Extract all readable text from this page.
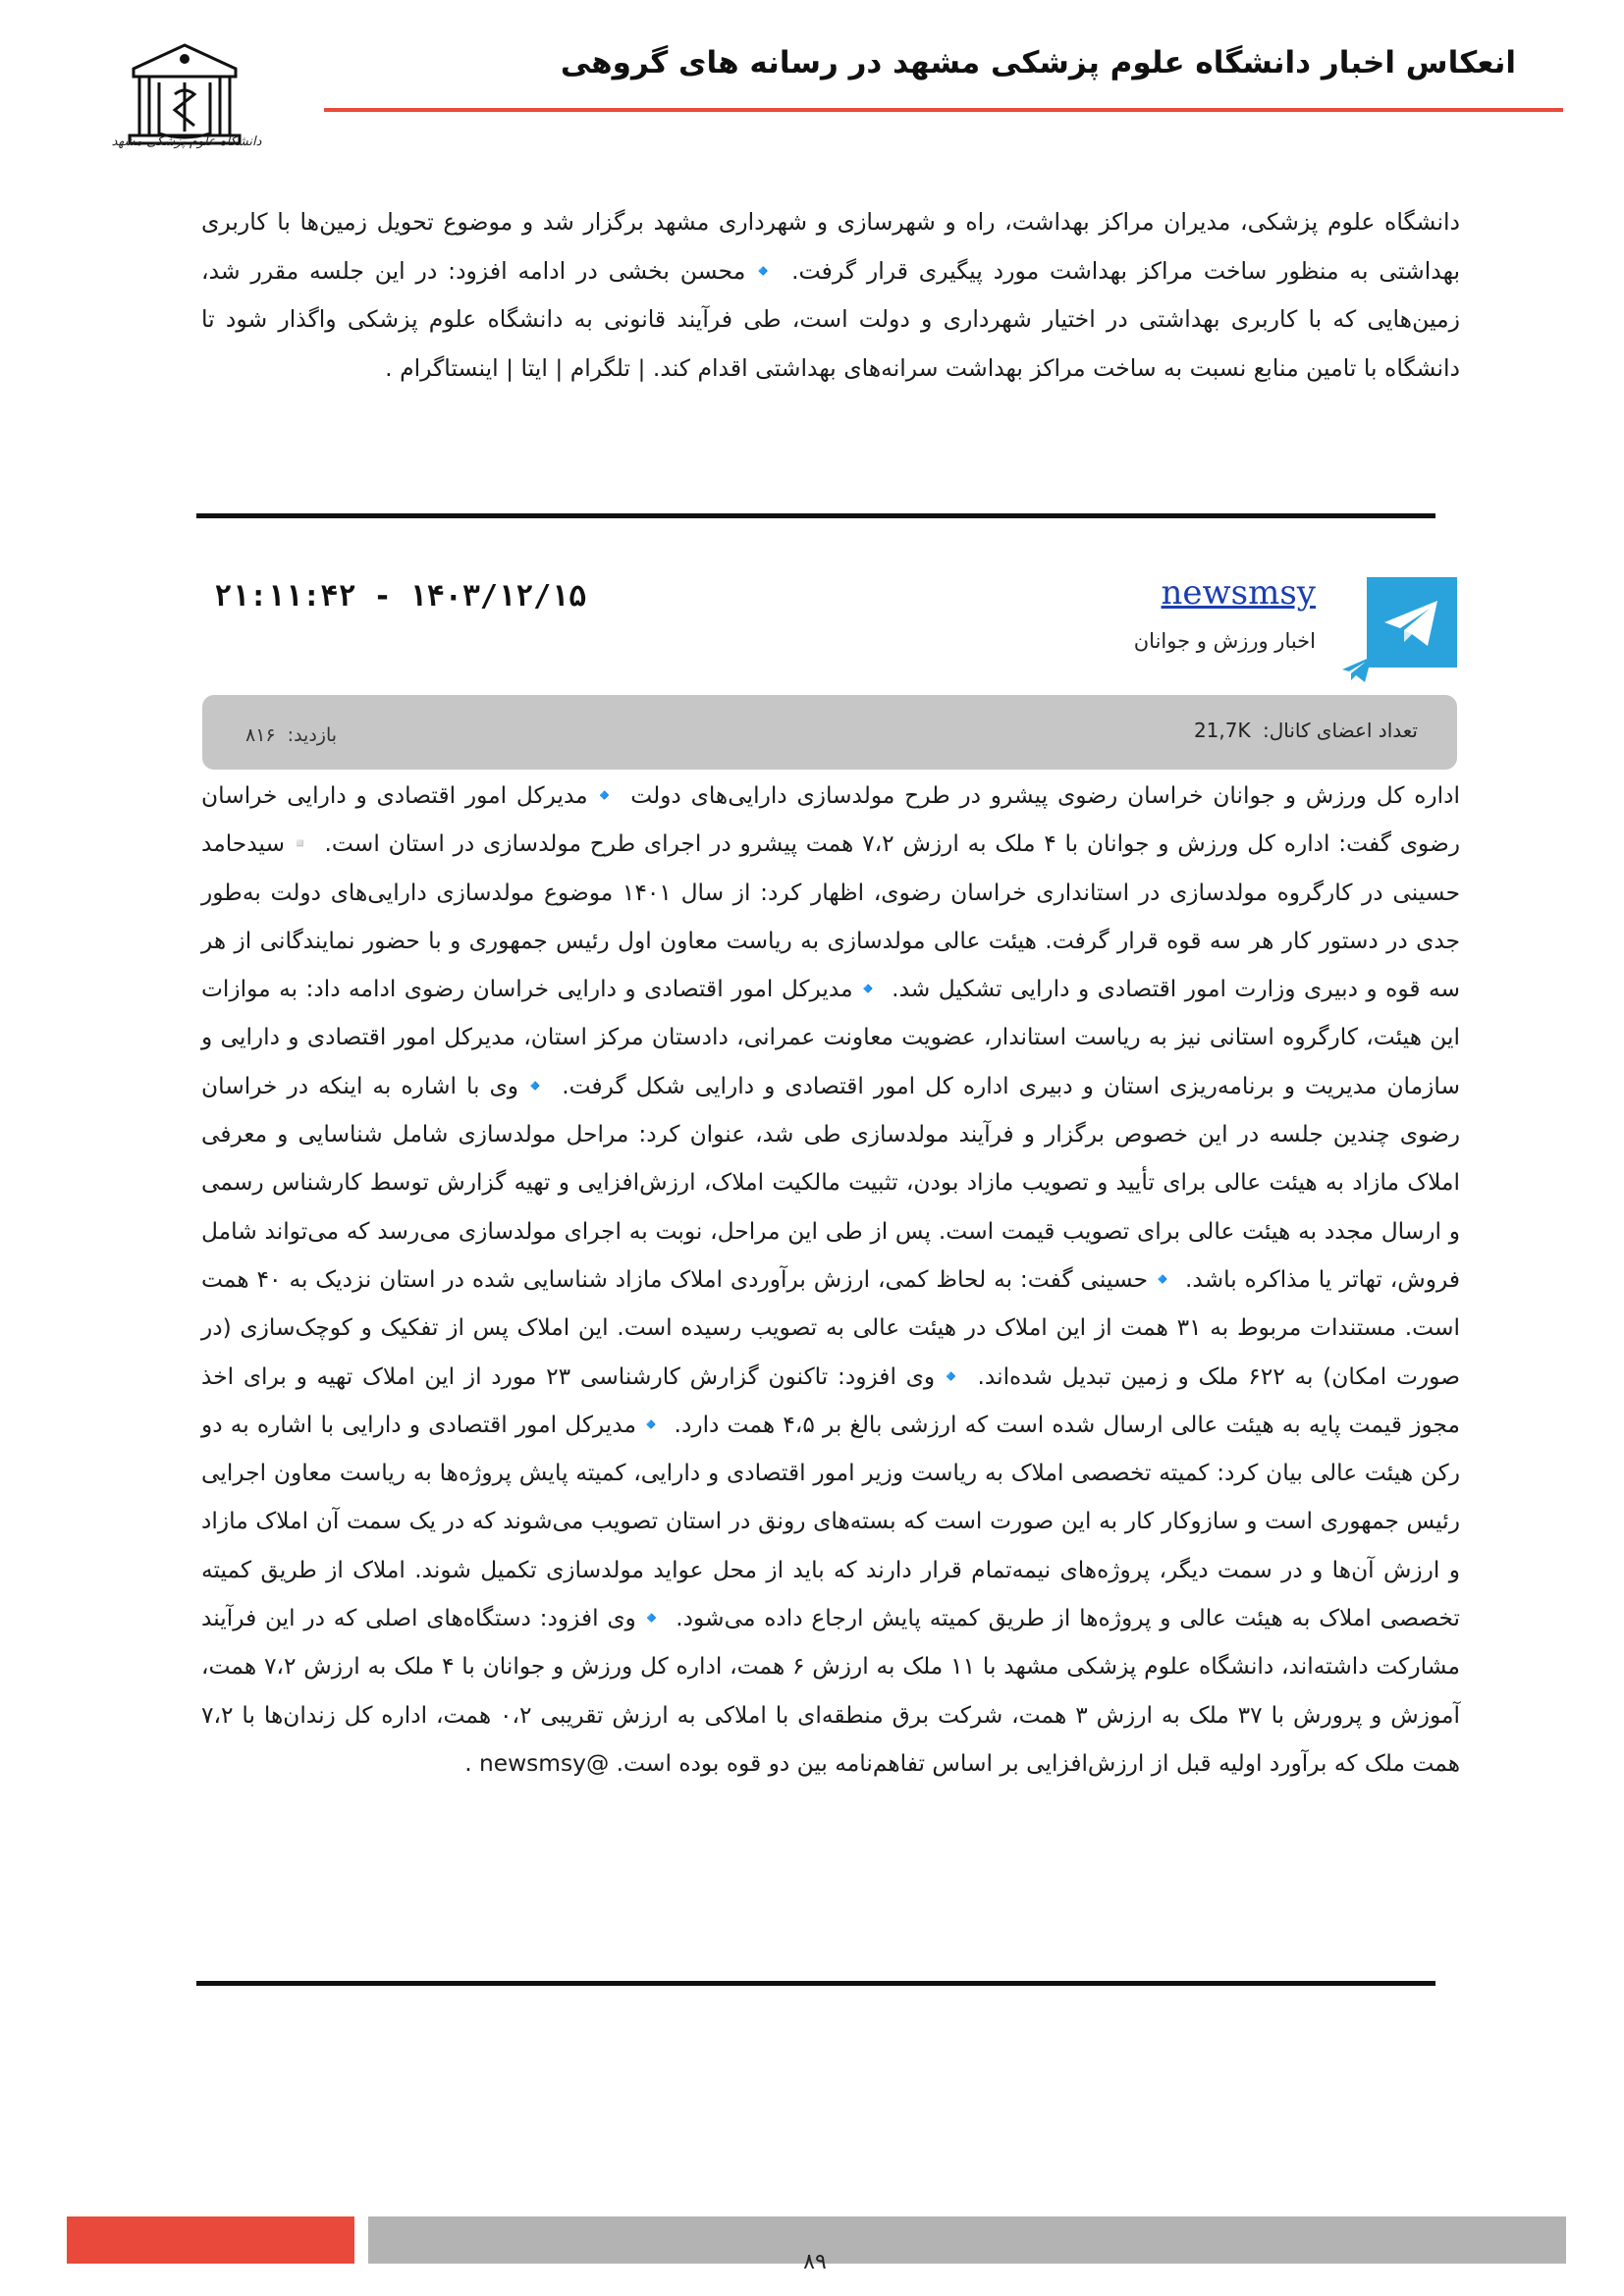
انعکاس اخبار دانشگاه علوم پزشکی مشهد در رسانه های گروهی
دانشگاه علوم پزشکی مشهد
دانشگاه علوم پزشکی، مدیران مراکز بهداشت، راه و شهرسازی و شهرداری مشهد برگزار شد و موضوع تحویل زمین‌ها با کاربری بهداشتی به منظور ساخت مراکز بهداشت مورد پیگیری قرار گرفت. 🔹محسن بخشی در ادامه افزود: در این جلسه مقرر شد، زمین‌هایی که با کاربری بهداشتی در اختیار شهرداری و دولت است، طی فرآیند قانونی به دانشگاه علوم پزشکی واگذار شود تا دانشگاه با تامین منابع نسبت به ساخت مراکز بهداشت سرانه‌های بهداشتی اقدام کند. | تلگرام | ایتا | اینستاگرام .
۱۴۰۳/۱۲/۱۵ - ۲۱:۱۱:۴۲	newsmsy
اخبار ورزش و جوانان
تعداد اعضای کانال: 21,7K
بازدید: ۸۱۶
اداره کل ورزش و جوانان خراسان رضوی پیشرو در طرح مولدسازی دارایی‌های دولت 🔹مدیرکل امور اقتصادی و دارایی خراسان رضوی گفت: اداره کل ورزش و جوانان با ۴ ملک به ارزش ۷،۲ همت پیشرو در اجرای طرح مولدسازی در استان است. ▫️سیدحامد حسینی در کارگروه مولدسازی در استانداری خراسان رضوی، اظهار کرد: از سال ۱۴۰۱ موضوع مولدسازی دارایی‌های دولت به‌طور جدی در دستور کار هر سه قوه قرار گرفت. هیئت عالی مولدسازی به ریاست معاون اول رئیس جمهوری و با حضور نمایندگانی از هر سه قوه و دبیری وزارت امور اقتصادی و دارایی تشکیل شد. 🔹مدیرکل امور اقتصادی و دارایی خراسان رضوی ادامه داد: به موازات این هیئت، کارگروه استانی نیز به ریاست استاندار، عضویت معاونت عمرانی، دادستان مرکز استان، مدیرکل امور اقتصادی و دارایی و سازمان مدیریت و برنامه‌ریزی استان و دبیری اداره کل امور اقتصادی و دارایی شکل گرفت. 🔹وی با اشاره به اینکه در خراسان رضوی چندین جلسه در این خصوص برگزار و فرآیند مولدسازی طی شد، عنوان کرد: مراحل مولدسازی شامل شناسایی و معرفی املاک مازاد به هیئت عالی برای تأیید و تصویب مازاد بودن، تثبیت مالکیت املاک، ارزش‌افزایی و تهیه گزارش توسط کارشناس رسمی و ارسال مجدد به هیئت عالی برای تصویب قیمت است. پس از طی این مراحل، نوبت به اجرای مولدسازی می‌رسد که می‌تواند شامل فروش، تهاتر یا مذاکره باشد. 🔹حسینی گفت: به لحاظ کمی، ارزش برآوردی املاک مازاد شناسایی شده در استان نزدیک به ۴۰ همت است. مستندات مربوط به ۳۱ همت از این املاک در هیئت عالی به تصویب رسیده است. این املاک پس از تفکیک و کوچک‌سازی (در صورت امکان) به ۶۲۲ ملک و زمین تبدیل شده‌اند. 🔹وی افزود: تاکنون گزارش کارشناسی ۲۳ مورد از این املاک تهیه و برای اخذ مجوز قیمت پایه به هیئت عالی ارسال شده است که ارزشی بالغ بر ۴،۵ همت دارد. 🔹مدیرکل امور اقتصادی و دارایی با اشاره به دو رکن هیئت عالی بیان کرد: کمیته تخصصی املاک به ریاست وزیر امور اقتصادی و دارایی، کمیته پایش پروژه‌ها به ریاست معاون اجرایی رئیس جمهوری است و سازوکار کار به این صورت است که بسته‌های رونق در استان تصویب می‌شوند که در یک سمت آن املاک مازاد و ارزش آن‌ها و در سمت دیگر، پروژه‌های نیمه‌تمام قرار دارند که باید از محل عواید مولدسازی تکمیل شوند. املاک از طریق کمیته تخصصی املاک به هیئت عالی و پروژه‌ها از طریق کمیته پایش ارجاع داده می‌شود. 🔹وی افزود: دستگاه‌های اصلی که در این فرآیند مشارکت داشته‌اند، دانشگاه علوم پزشکی مشهد با ۱۱ ملک به ارزش ۶ همت، اداره کل ورزش و جوانان با ۴ ملک به ارزش ۷،۲ همت، آموزش و پرورش با ۳۷ ملک به ارزش ۳ همت، شرکت برق منطقه‌ای با املاکی به ارزش تقریبی ۰،۲ همت، اداره کل زندان‌ها با ۷،۲ همت ملک که برآورد اولیه قبل از ارزش‌افزایی بر اساس تفاهم‌نامه بین دو قوه بوده است. @newsmsy .
۸۹
